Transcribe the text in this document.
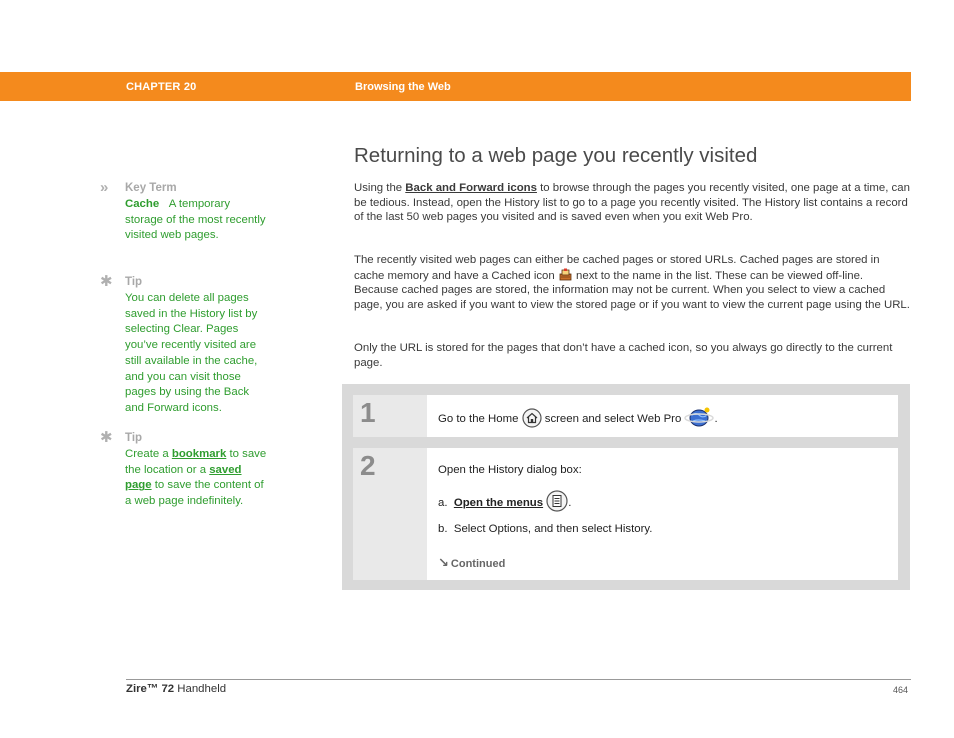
CHAPTER 20	Browsing the Web
Returning to a web page you recently visited

Using the Back and Forward icons to browse through the pages you recently visited, one page at a time, can be tedious. Instead, open the History list to go to a page you recently visited. The History list contains a record of the last 50 web pages you visited and is saved even when you exit Web Pro.

The recently visited web pages can either be cached pages or stored URLs. Cached pages are stored in cache memory and have a Cached icon  next to the name in the list. These can be viewed off-line. Because cached pages are stored, the information may not be current. When you select to view a cached page, you are asked if you want to view the stored page or if you want to view the current page using the URL.

Only the URL is stored for the pages that don’t have a cached icon, so you always go directly to the current page.

»	Key Term
Cache A temporary storage of the most recently visited web pages.
✱ Tip
You can delete all pages saved in the History list by selecting Clear. Pages you’ve recently visited are still available in the cache, and you can visit those pages by using the Back and Forward icons.
✱ Tip
Create a bookmark to save the location or a saved page to save the content of a web page indefinitely.
1	Go to the Home  screen and select Web Pro	.
2	Open the History dialog box:
a. Open the menus .
b. Select Options, and then select History.
↘ Continued
Zire™ 72 Handheld	464
